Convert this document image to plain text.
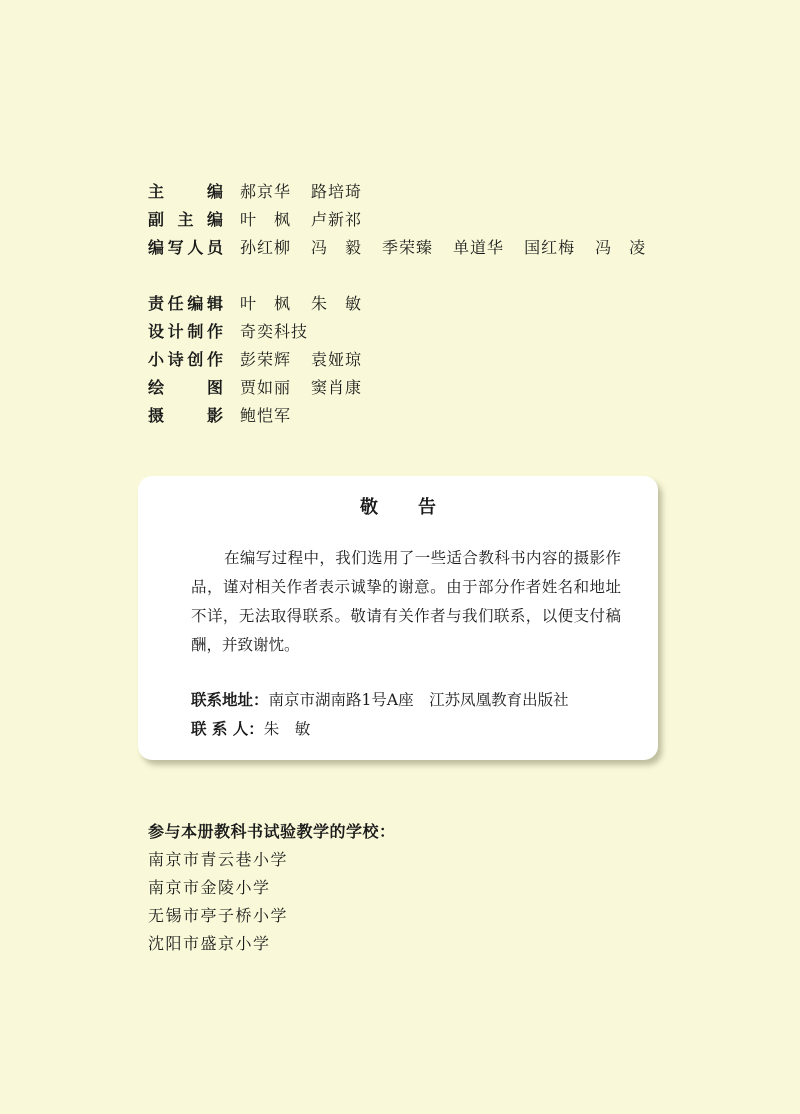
主　　编 郝京华 路培琦
副主编 叶　枫 卢新祁
编写人员 孙红柳 冯　毅 季荣臻 单道华 国红梅 冯　凌
责任编辑 叶　枫 朱　敏
设计制作 奇奕科技
小诗创作 彭荣辉 袁娅琼
绘　　图 贾如丽 窦肖康
摄　　影 鲍恺军
敬告
在编写过程中，我们选用了一些适合教科书内容的摄影作品，谨对相关作者表示诚挚的谢意。由于部分作者姓名和地址不详，无法取得联系。敬请有关作者与我们联系，以便支付稿酬，并致谢忱。
联系地址：南京市湖南路1号A座　江苏凤凰教育出版社
联 系 人：朱　敏
参与本册教科书试验教学的学校：
南京市青云巷小学
南京市金陵小学
无锡市亭子桥小学
沈阳市盛京小学
